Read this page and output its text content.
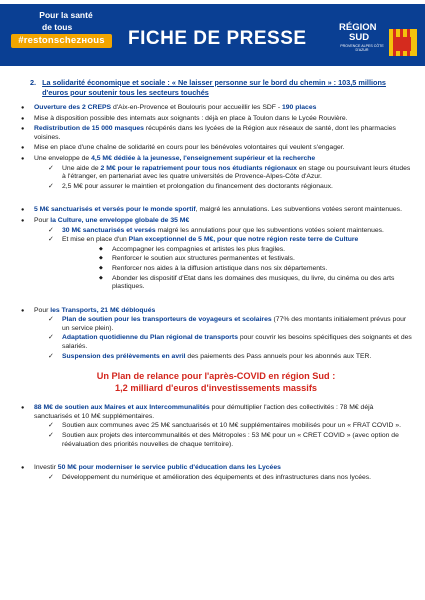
Pour la santé
de tous
#restonschezнous	FICHE DE PRESSE
RÉGION
SUD
PROVENCE ALPES CÔTE D'AZUR
2. La solidarité économique et sociale : « Ne laisser personne sur le bord du chemin » : 103,5 millions d'euros pour soutenir tous les secteurs touchés
● Ouverture des 2 CREPS d'Aix-en-Provence et Boulouris pour accueillir les SDF - 190 places
● Mise à disposition possible des internats aux soignants : déjà en place à Toulon dans le Lycée Rouvière.
● Redistribution de 15 000 masques récupérés dans les lycées de la Région aux réseaux de santé, dont les pharmacies voisines.
● Mise en place d'une chaîne de solidarité en cours pour les bénévoles volontaires qui veulent s'engager.
● Une enveloppe de 4,5 M€ dédiée à la jeunesse, l'enseignement supérieur et la recherche
✓ Une aide de 2 M€ pour le rapatriement pour tous nos étudiants régionaux en stage ou poursuivant leurs études à l'étranger, en partenariat avec les quatre universités de Provence-Alpes-Côte d'Azur.
✓ 2,5 M€ pour assurer le maintien et prolongation du financement des doctorants régionaux.
● 5 M€ sanctuarisés et versés pour le monde sportif, malgré les annulations. Les subventions votées seront maintenues.
● Pour la Culture, une enveloppe globale de 35 M€
✓ 30 M€ sanctuarisés et versés malgré les annulations pour que les subventions votées soient maintenues.
✓ Et mise en place d'un Plan exceptionnel de 5 M€, pour que notre région reste terre de Culture
◆ Accompagner les compagnies et artistes les plus fragiles.
◆ Renforcer le soutien aux structures permanentes et festivals.
◆ Renforcer nos aides à la diffusion artistique dans nos six départements.
◆ Abonder les dispositif d'Etat dans les domaines des musiques, du livre, du cinéma ou des arts plastiques.
● Pour les Transports, 21 M€ débloqués
✓ Plan de soutien pour les transporteurs de voyageurs et scolaires (77% des montants initialement prévus pour un service plein).
✓ Adaptation quotidienne du Plan régional de transports pour couvrir les besoins spécifiques des soignants et des salariés.
✓ Suspension des prélèvements en avril des paiements des Pass annuels pour les abonnés aux TER.
Un Plan de relance pour l'après-COVID en région Sud :
1,2 milliard d'euros d'investissements massifs
● 88 M€ de soutien aux Maires et aux Intercommunalités pour démultiplier l'action des collectivités : 78 M€ déjà sanctuarisés et 10 M€ supplémentaires.
✓ Soutien aux communes avec 25 M€ sanctuarisés et 10 M€ supplémentaires mobilisés pour un « FRAT COVID ».
✓ Soutien aux projets des intercommunalités et des Métropoles : 53 M€ pour un « CRET COVID » (avec option de réévaluation des priorités nouvelles de chaque territoire).
● Investir 50 M€ pour moderniser le service public d'éducation dans les Lycées
✓ Développement du numérique et amélioration des équipements et des infrastructures dans nos lycées.
